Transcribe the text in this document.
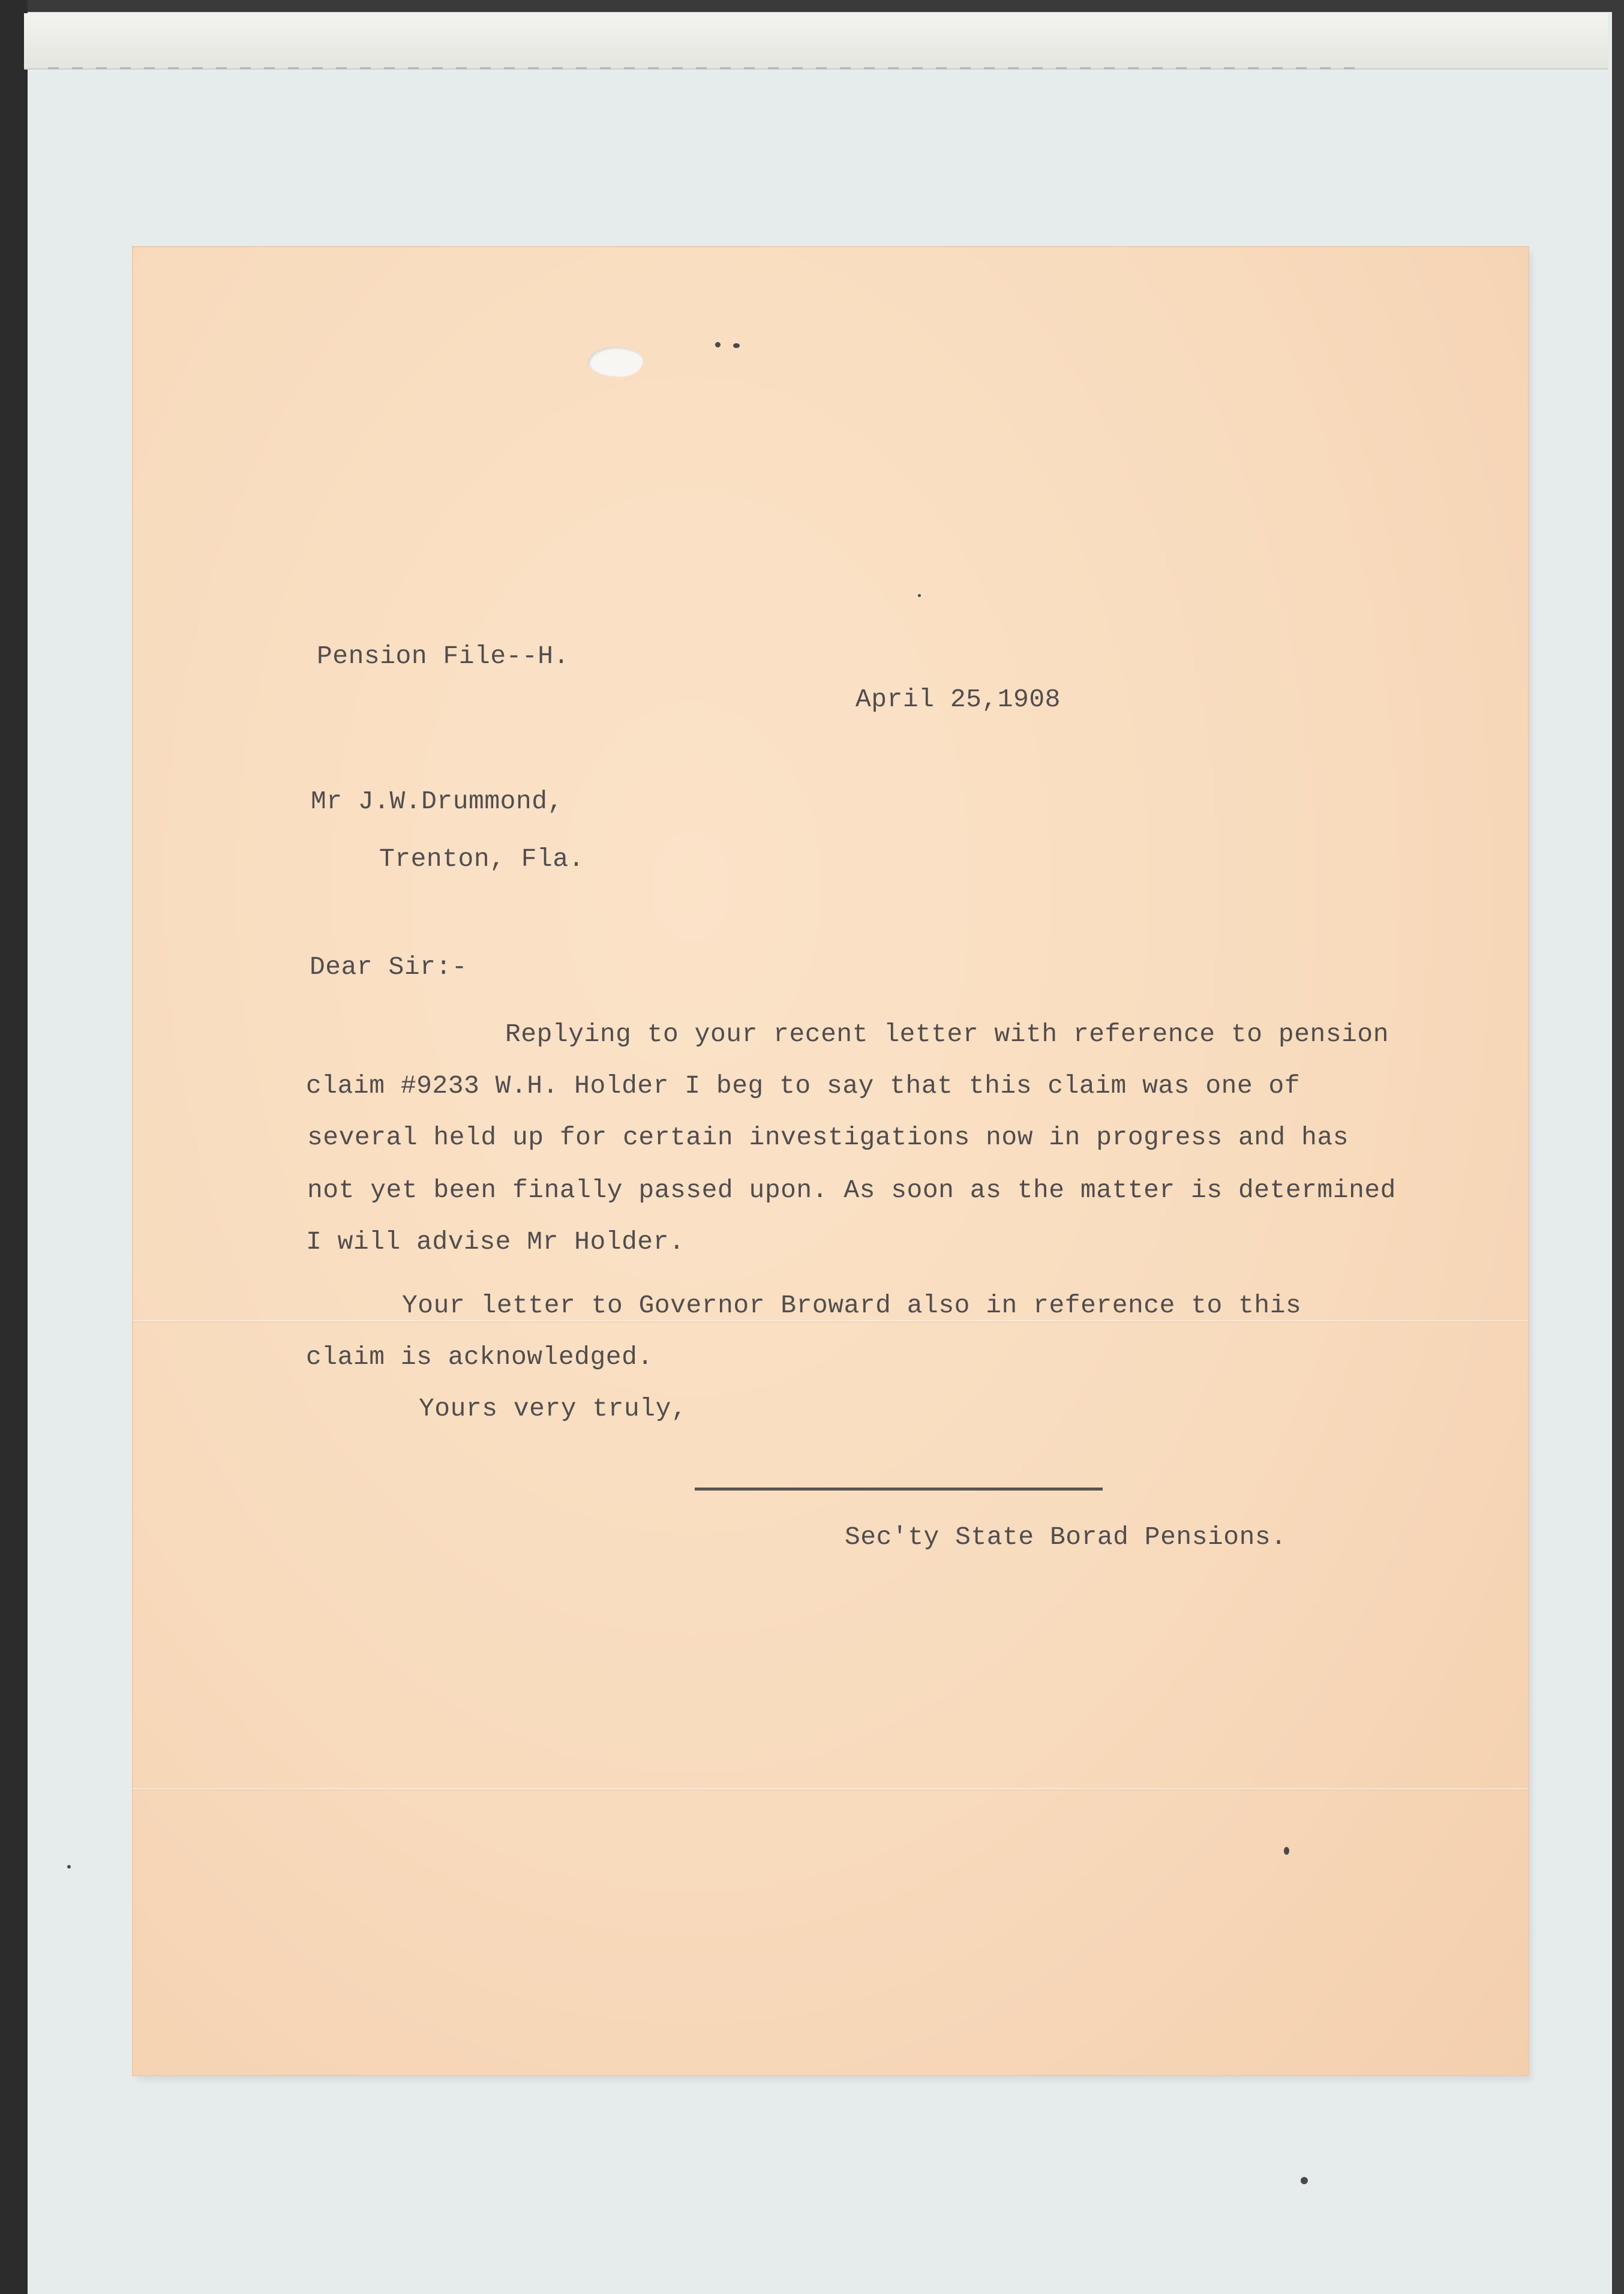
Pension File--H.

April 25,1908

Mr J.W.Drummond,

Trenton, Fla.

Dear Sir:-

Replying to your recent letter with reference to pension

claim #9233 W.H. Holder I beg to say that this claim was one of

several held up for certain investigations now in progress and has

not yet been finally passed upon. As soon as the matter is determined

I will advise Mr Holder.

Your letter to Governor Broward also in reference to this

claim is acknowledged.

Yours very truly,

Sec'ty State Borad Pensions.
